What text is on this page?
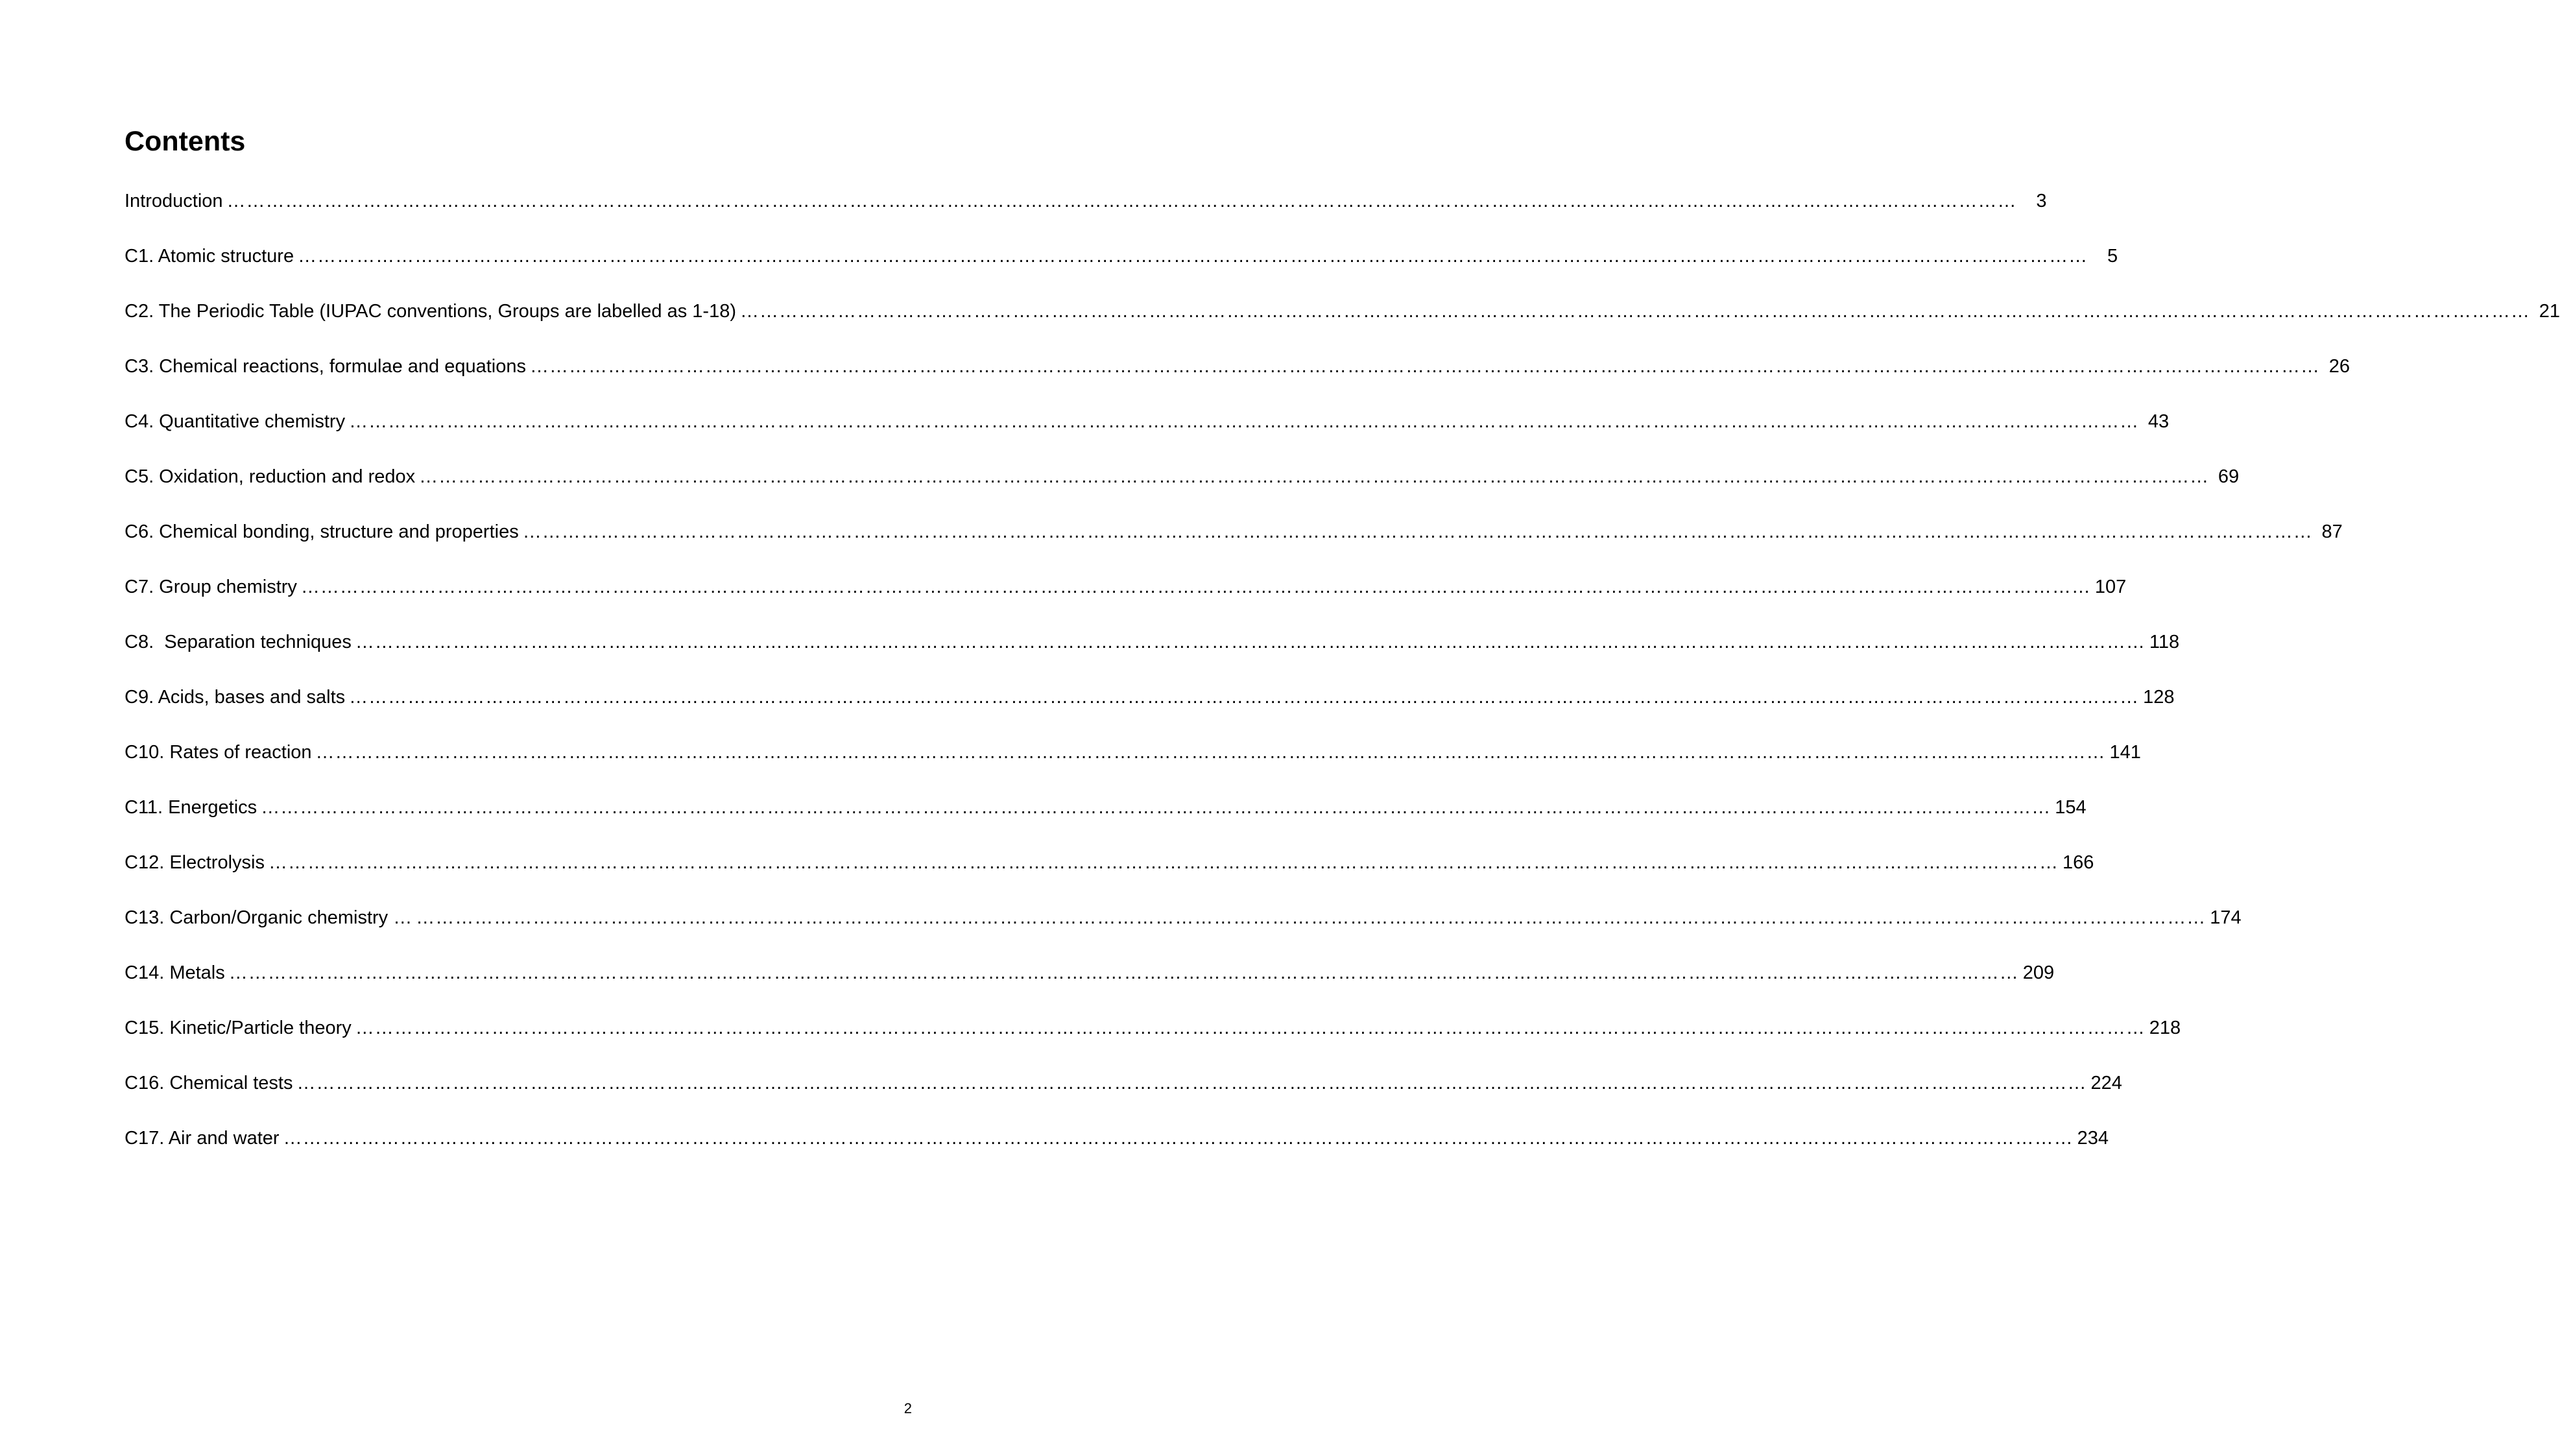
Contents
Introduction ……………………………………………………………………………………………………………………………………………………………………………………………………………………………………………………	3
C1. Atomic structure ……………………………………………………………………………………………………………………………………………………………………………………………………………………………………………………	5
C2. The Periodic Table (IUPAC conventions, Groups are labelled as 1-18) …………………………………………………………………………………………………………………………………………………………………………………………………………………………………………………… 21
C3. Chemical reactions, formulae and equations …………………………………………………………………………………………………………………………………………………………………………………………………………………………………………………… 26
C4. Quantitative chemistry …………………………………………………………………………………………………………………………………………………………………………………………………………………………………………………… 43
C5. Oxidation, reduction and redox …………………………………………………………………………………………………………………………………………………………………………………………………………………………………………………… 69
C6. Chemical bonding, structure and properties …………………………………………………………………………………………………………………………………………………………………………………………………………………………………………………… 87
C7. Group chemistry …………………………………………………………………………………………………………………………………………………………………………………………………………………………………………………… 107
C8.  Separation techniques …………………………………………………………………………………………………………………………………………………………………………………………………………………………………………………… 118
C9. Acids, bases and salts …………………………………………………………………………………………………………………………………………………………………………………………………………………………………………………… 128
C10. Rates of reaction …………………………………………………………………………………………………………………………………………………………………………………………………………………………………………………… 141
C11. Energetics …………………………………………………………………………………………………………………………………………………………………………………………………………………………………………………… 154
C12. Electrolysis …………………………………………………………………………………………………………………………………………………………………………………………………………………………………………………… 166
C13. Carbon/Organic chemistry … …………………………………………………………………………………………………………………………………………………………………………………………………………………………………………………… 174
C14. Metals …………………………………………………………………………………………………………………………………………………………………………………………………………………………………………………… 209
C15. Kinetic/Particle theory …………………………………………………………………………………………………………………………………………………………………………………………………………………………………………………… 218
C16. Chemical tests …………………………………………………………………………………………………………………………………………………………………………………………………………………………………………………… 224
C17. Air and water …………………………………………………………………………………………………………………………………………………………………………………………………………………………………………………… 234
2
